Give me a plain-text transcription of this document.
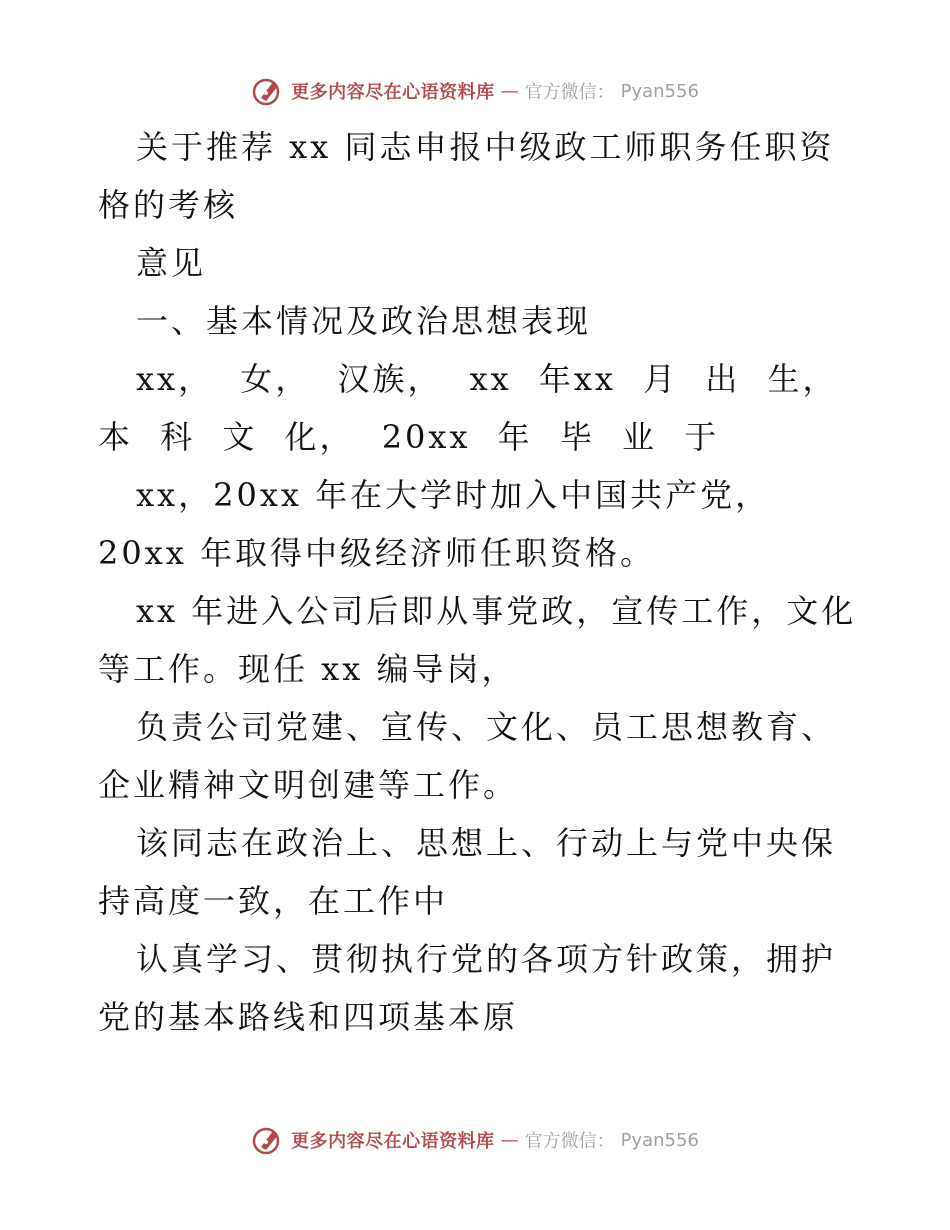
更多内容尽在心语资料库 — 官方微信： Pyan556

关于推荐 xx 同志申报中级政工师职务任职资格的考核

意见

一、基本情况及政治思想表现

xx， 女， 汉族， xx 年xx 月 出 生， 本 科 文 化， 20xx 年 毕 业 于

xx，20xx 年在大学时加入中国共产党，20xx 年取得中级经济师任职资格。

xx 年进入公司后即从事党政，宣传工作，文化等工作。现任 xx 编导岗，

负责公司党建、宣传、文化、员工思想教育、企业精神文明创建等工作。

该同志在政治上、思想上、行动上与党中央保持高度一致，在工作中

认真学习、贯彻执行党的各项方针政策，拥护党的基本路线和四项基本原

更多内容尽在心语资料库 — 官方微信： Pyan556
